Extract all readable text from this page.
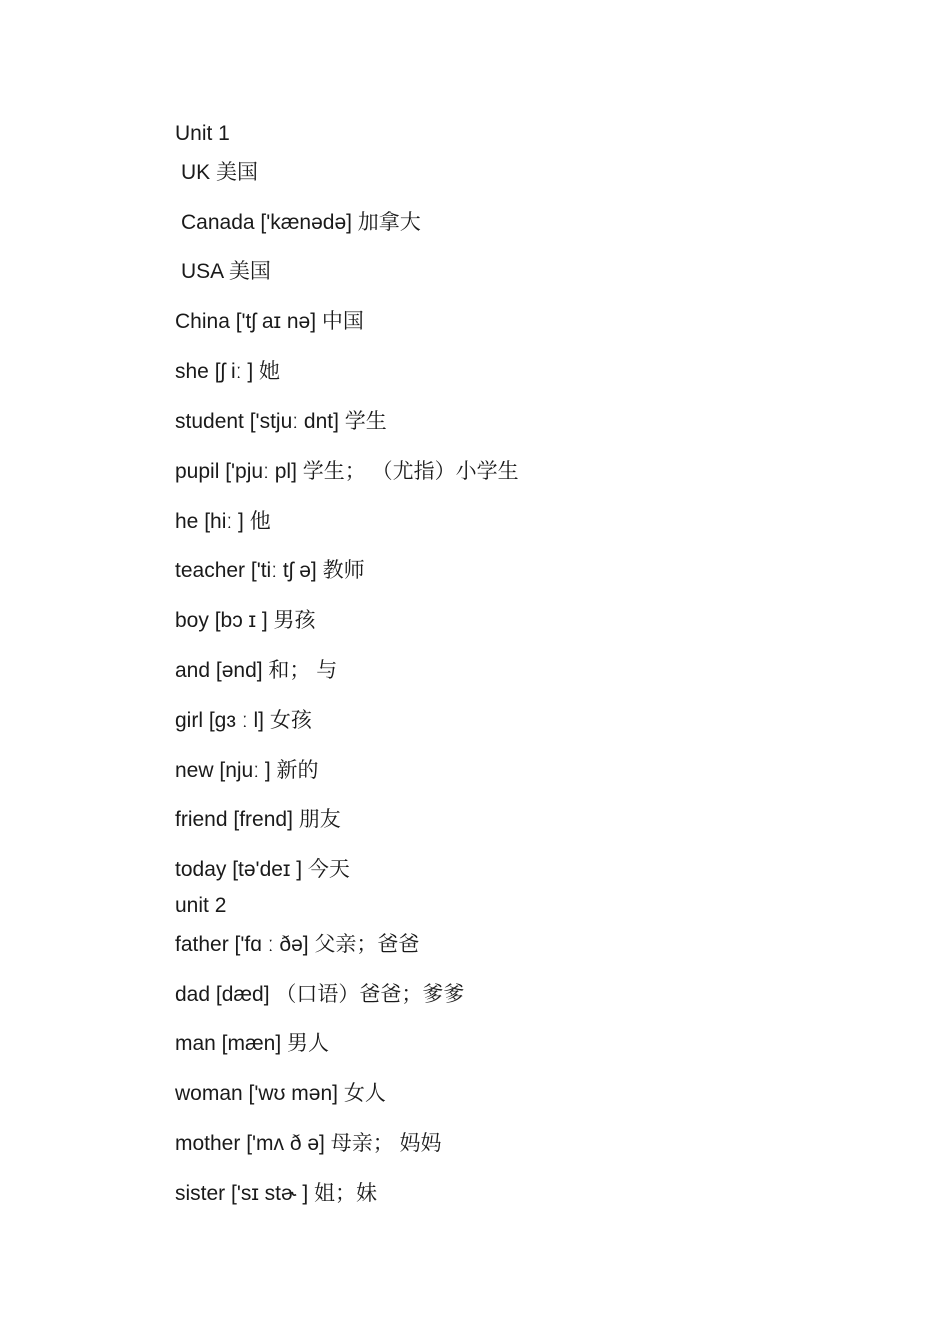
Unit 1
UK 美国
Canada ['kænədə] 加拿大
USA 美国
China ['tʃ aɪ nə] 中国
she [ʃ iː ] 她
student ['stjuː dnt] 学生
pupil ['pjuː pl] 学生； （尤指）小学生
he [hiː ] 他
teacher ['tiː tʃ ə] 教师
boy [bɔ ɪ ] 男孩
and [ənd] 和； 与
girl [gɜ ː l] 女孩
new [njuː ] 新的
friend [frend] 朋友
today [tə'deɪ ] 今天
unit 2
father ['fɑ ː ðə] 父亲；爸爸
dad [dæd] （口语）爸爸；爹爹
man [mæn] 男人
woman ['wʊ mən] 女人
mother ['mʌ ð ə] 母亲； 妈妈
sister ['sɪ stɚ ] 姐；妹
